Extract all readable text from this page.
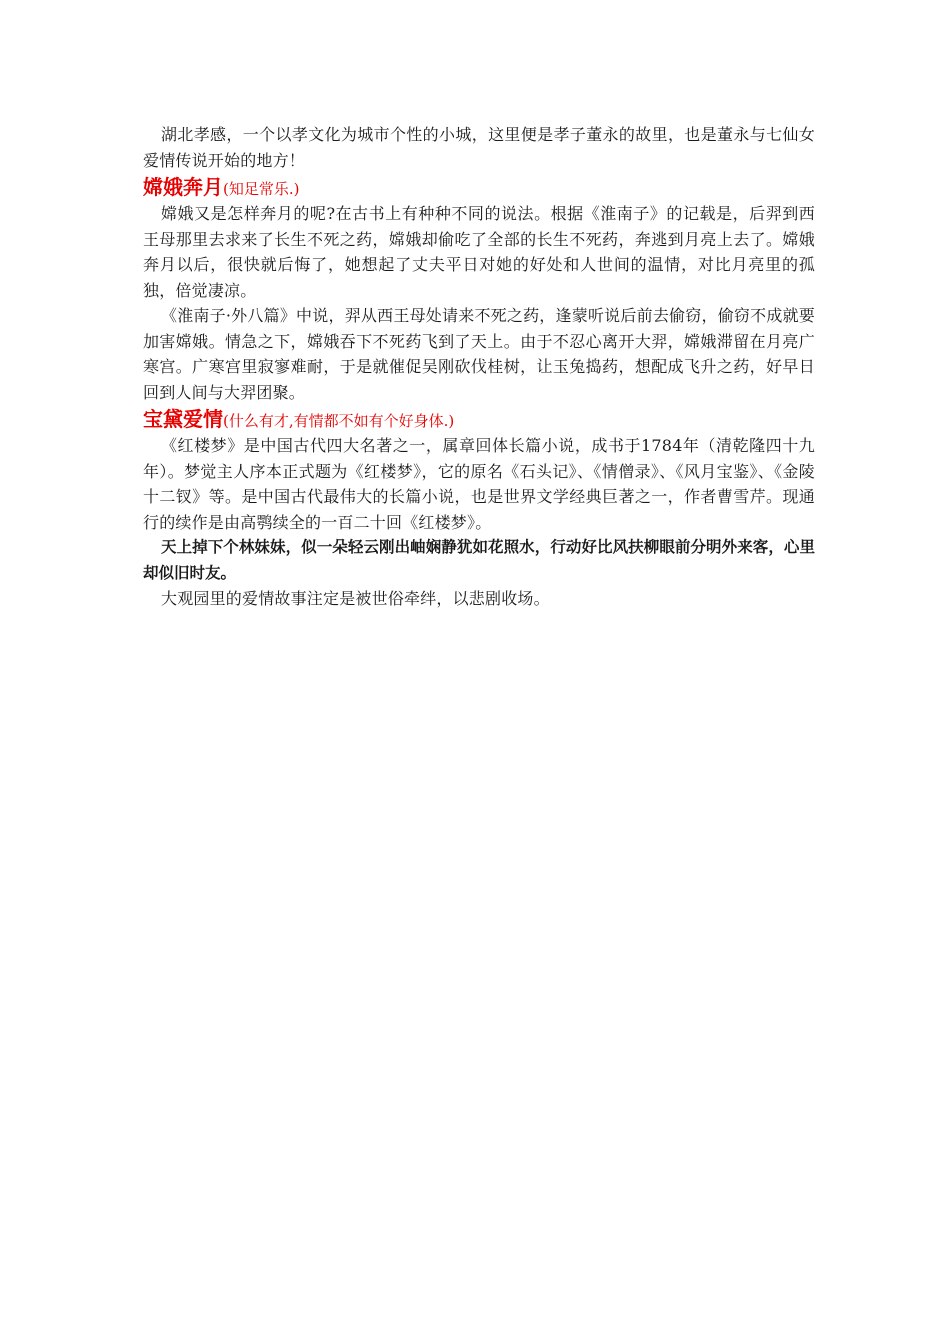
湖北孝感，一个以孝文化为城市个性的小城，这里便是孝子董永的故里，也是董永与七仙女爱情传说开始的地方！

嫦娥奔月(知足常乐.)

嫦娥又是怎样奔月的呢?在古书上有种种不同的说法。根据《淮南子》的记载是，后羿到西王母那里去求来了长生不死之药，嫦娥却偷吃了全部的长生不死药，奔逃到月亮上去了。嫦娥奔月以后，很快就后悔了，她想起了丈夫平日对她的好处和人世间的温情，对比月亮里的孤独，倍觉凄凉。

《淮南子·外八篇》中说，羿从西王母处请来不死之药，逢蒙听说后前去偷窃，偷窃不成就要加害嫦娥。情急之下，嫦娥吞下不死药飞到了天上。由于不忍心离开大羿，嫦娥滞留在月亮广寒宫。广寒宫里寂寥难耐，于是就催促吴刚砍伐桂树，让玉兔捣药，想配成飞升之药，好早日回到人间与大羿团聚。

宝黛爱情(什么有才,有情都不如有个好身体.)

《红楼梦》是中国古代四大名著之一，属章回体长篇小说，成书于1784年（清乾隆四十九年）。梦觉主人序本正式题为《红楼梦》，它的原名《石头记》、《情僧录》、《风月宝鉴》、《金陵十二钗》等。是中国古代最伟大的长篇小说，也是世界文学经典巨著之一，作者曹雪芹。现通行的续作是由高鹗续全的一百二十回《红楼梦》。

天上掉下个林妹妹，似一朵轻云刚出岫娴静犹如花照水，行动好比风扶柳眼前分明外来客，心里却似旧时友。

大观园里的爱情故事注定是被世俗牵绊，以悲剧收场。
